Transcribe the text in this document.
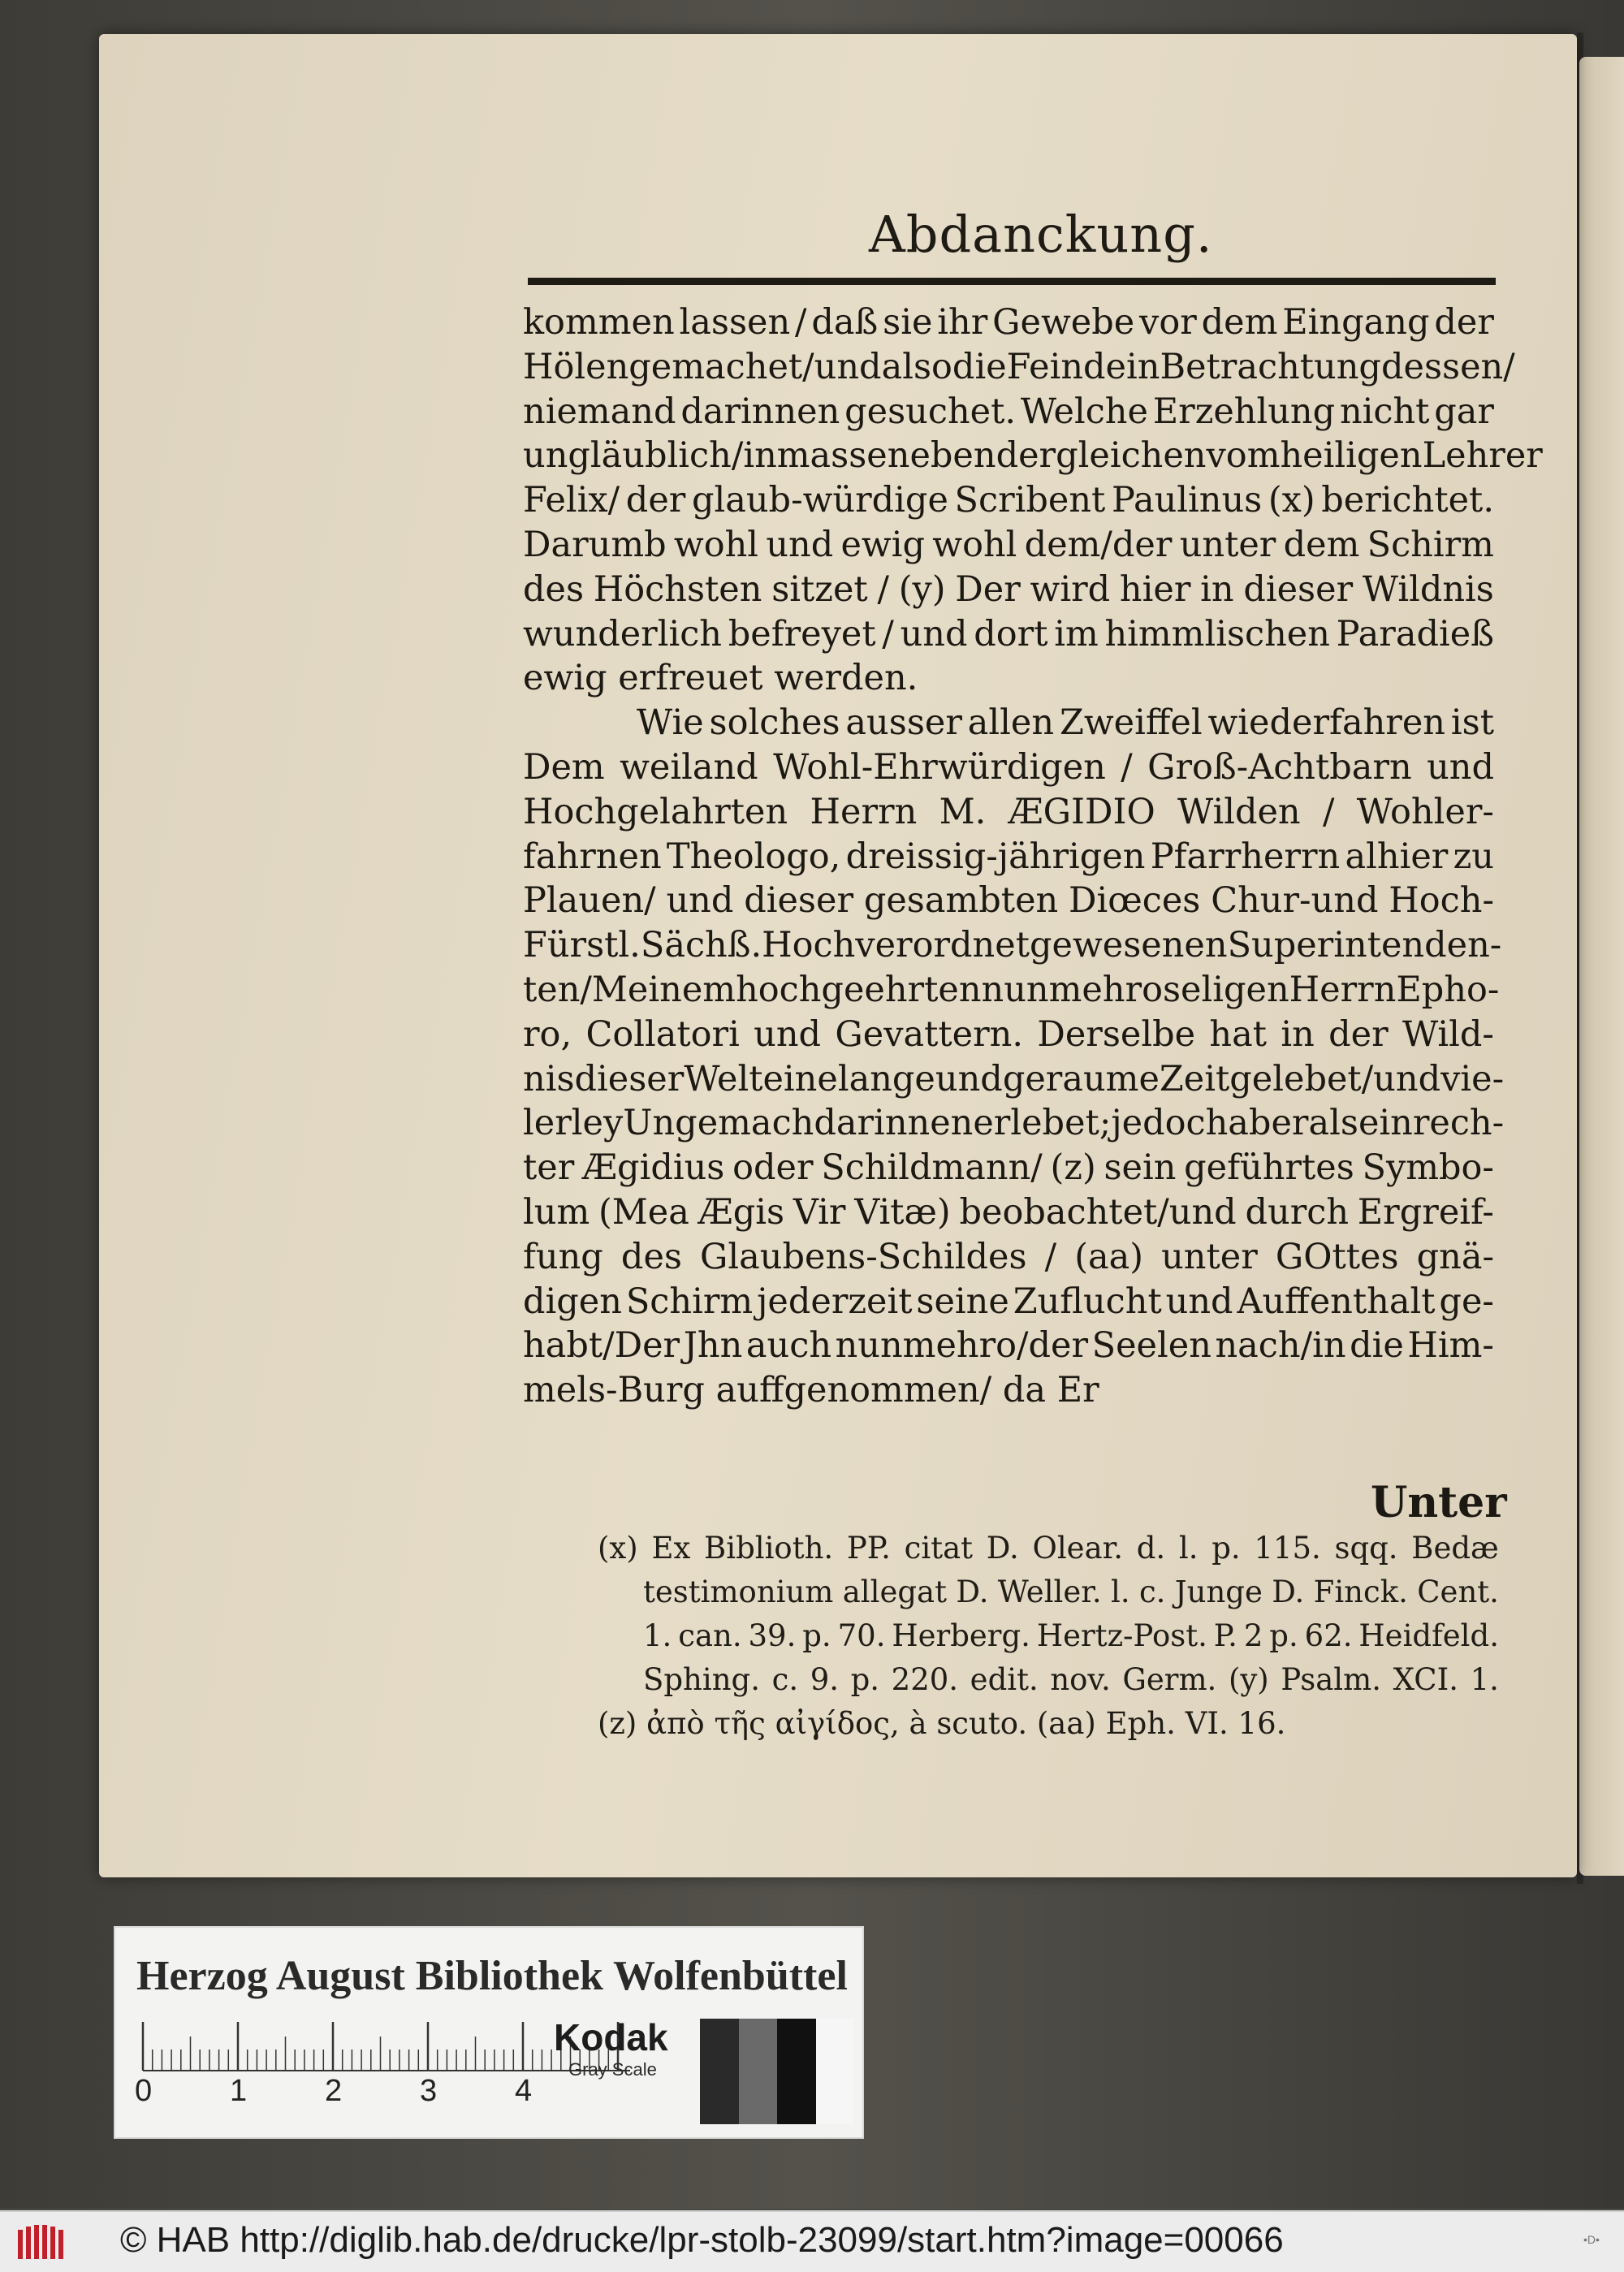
Abdanckung.
kommen lassen / daß sie ihr Gewebe vor dem Eingang der
Hölen gemachet/und also die Feinde in Betrachtung dessen/
niemand darinnen gesuchet. Welche Erzehlung nicht gar
ungläublich / inmassen eben dergleichen vom heiligen Lehrer
Felix/ der glaub-würdige Scribent Paulinus (x) berichtet.
Darumb wohl und ewig wohl dem/der unter dem Schirm
des Höchsten sitzet / (y) Der wird hier in dieser Wildnis
wunderlich befreyet / und dort im himmlischen Paradieß
ewig erfreuet werden.
Wie solches ausser allen Zweiffel wiederfahren ist
Dem weiland Wohl-Ehrwürdigen / Groß-Achtbarn und
Hochgelahrten Herrn M. ÆGIDIO Wilden / Wohler-
fahrnen Theologo, dreissig-jährigen Pfarrherrn alhier zu
Plauen/ und dieser gesambten Diœces Chur-und Hoch-
Fürstl. Sächß. Hochverordnet gewesenen Superintenden-
ten/Meinem hochgeehrten nunmehro seligen Herrn Epho-
ro, Collatori und Gevattern. Derselbe hat in der Wild-
nis dieser Welt eine lange und geraume Zeit gelebet/und vie-
lerley Ungemach darinnen erlebet ; jedoch aber als ein rech-
ter Ægidius oder Schildmann/ (z) sein geführtes Symbo-
lum (Mea Ægis Vir Vitæ) beobachtet/und durch Ergreif-
fung des Glaubens-Schildes / (aa) unter GOttes gnä-
digen Schirm jederzeit seine Zuflucht und Auffenthalt ge-
habt/Der Jhn auch nunmehro/der Seelen nach/in die Him-
mels-Burg auffgenommen/ da Er
Unter
(x) Ex Biblioth. PP. citat D. Olear. d. l. p. 115. sqq. Bedæ
testimonium allegat D. Weller. l. c. Junge D. Finck. Cent.
1. can. 39. p. 70. Herberg. Hertz-Post. P. 2 p. 62. Heidfeld.
Sphing. c. 9. p. 220. edit. nov. Germ. (y) Psalm. XCI. 1.
(z) ἀπὸ τῆς αἰγίδος, à scuto. (aa) Eph. VI. 16.
Herzog August Bibliothek Wolfenbüttel
0	1	2	3	4
Kodak
Gray Scale
© HAB http://diglib.hab.de/drucke/lpr-stolb-23099/start.htm?image=00066	•D•
